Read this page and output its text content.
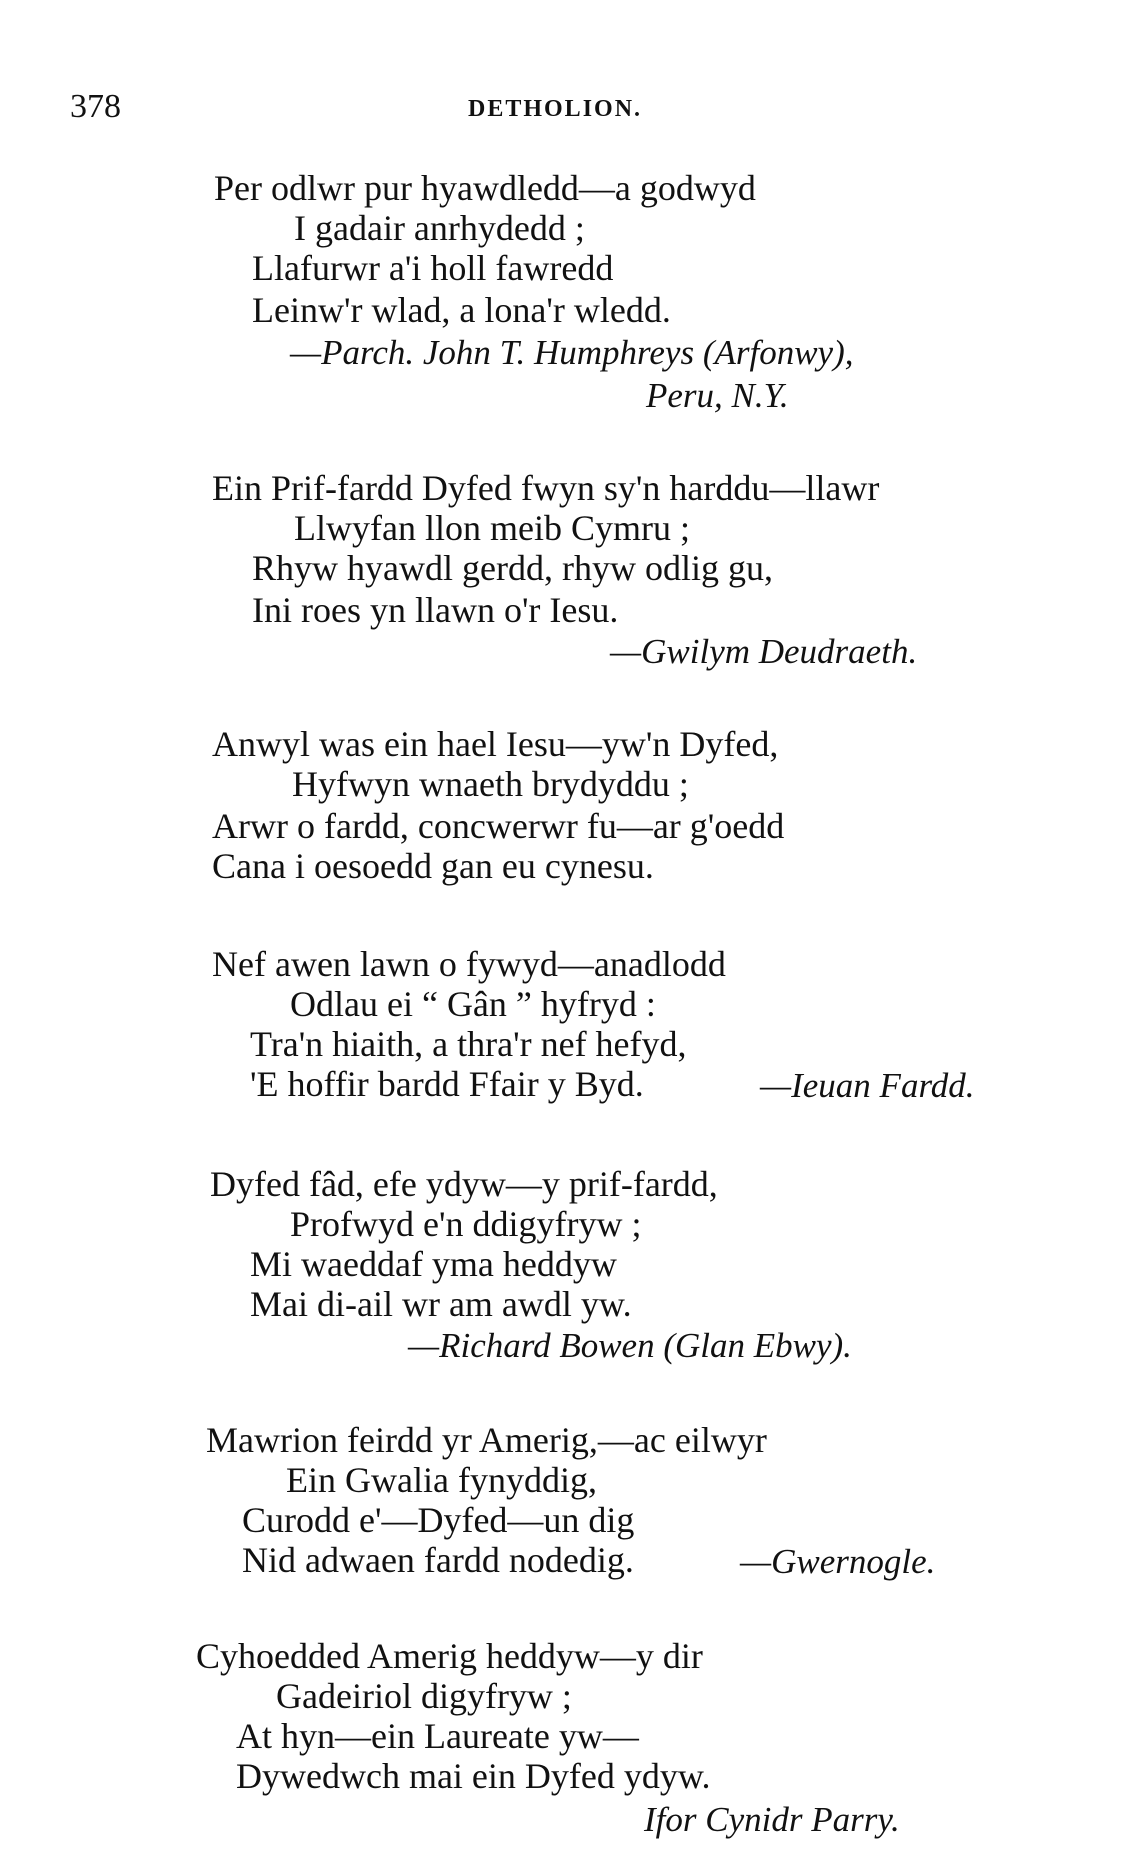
378	DETHOLION.
Per odlwr pur hyawdledd—a godwyd
I gadair anrhydedd ;
Llafurwr a'i holl fawredd
Leinw'r wlad, a lona'r wledd.
—Parch. John T. Humphreys (Arfonwy),
Peru, N.Y.
Ein Prif-fardd Dyfed fwyn sy'n harddu—llawr
Llwyfan llon meib Cymru ;
Rhyw hyawdl gerdd, rhyw odlig gu,
Ini roes yn llawn o'r Iesu.
—Gwilym Deudraeth.
Anwyl was ein hael Iesu—yw'n Dyfed,
Hyfwyn wnaeth brydyddu ;
Arwr o fardd, concwerwr fu—ar g'oedd
Cana i oesoedd gan eu cynesu.
Nef awen lawn o fywyd—anadlodd
Odlau ei “ Gân ” hyfryd :
Tra'n hiaith, a thra'r nef hefyd,
'E hoffir bardd Ffair y Byd.	—Ieuan Fardd.
Dyfed fâd, efe ydyw—y prif-fardd,
Profwyd e'n ddigyfryw ;
Mi waeddaf yma heddyw
Mai di-ail wr am awdl yw.
—Richard Bowen (Glan Ebwy).
Mawrion feirdd yr Amerig,—ac eilwyr
Ein Gwalia fynyddig,
Curodd e'—Dyfed—un dig
Nid adwaen fardd nodedig.	—Gwernogle.
Cyhoedded Amerig heddyw—y dir
Gadeiriol digyfryw ;
At hyn—ein Laureate yw—
Dywedwch mai ein Dyfed ydyw.
Ifor Cynidr Parry.
